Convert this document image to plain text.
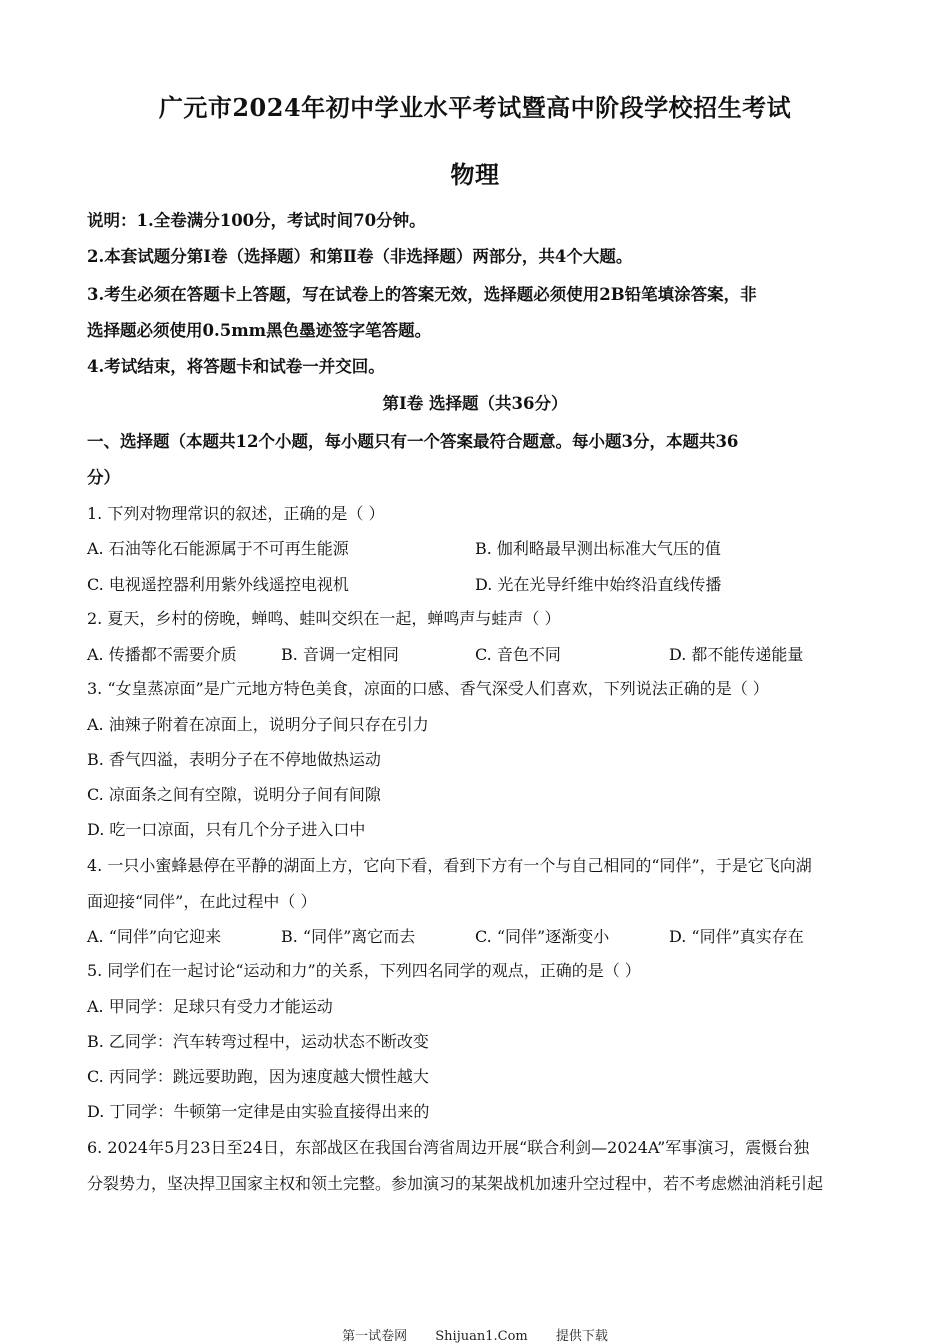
广元市2024年初中学业水平考试暨高中阶段学校招生考试
物理
说明：1.全卷满分100分，考试时间70分钟。
2.本套试题分第Ⅰ卷（选择题）和第Ⅱ卷（非选择题）两部分，共4个大题。
3.考生必须在答题卡上答题，写在试卷上的答案无效，选择题必须使用2B铅笔填涂答案，非
选择题必须使用0.5mm黑色墨迹签字笔答题。
4.考试结束，将答题卡和试卷一并交回。
第Ⅰ卷 选择题（共36分）
一、选择题（本题共12个小题，每小题只有一个答案最符合题意。每小题3分，本题共36
分）
1. 下列对物理常识的叙述，正确的是（ ）
A. 石油等化石能源属于不可再生能源	B. 伽利略最早测出标准大气压的值
C. 电视遥控器利用紫外线遥控电视机	D. 光在光导纤维中始终沿直线传播
2. 夏天，乡村的傍晚，蝉鸣、蛙叫交织在一起，蝉鸣声与蛙声（ ）
A. 传播都不需要介质	B. 音调一定相同	C. 音色不同	D. 都不能传递能量
3. “女皇蒸凉面”是广元地方特色美食，凉面的口感、香气深受人们喜欢，下列说法正确的是（ ）
A. 油辣子附着在凉面上，说明分子间只存在引力
B. 香气四溢，表明分子在不停地做热运动
C. 凉面条之间有空隙，说明分子间有间隙
D. 吃一口凉面，只有几个分子进入口中
4. 一只小蜜蜂悬停在平静的湖面上方，它向下看，看到下方有一个与自己相同的“同伴”，于是它飞向湖
面迎接“同伴”，在此过程中（ ）
A. “同伴”向它迎来	B. “同伴”离它而去	C. “同伴”逐渐变小	D. “同伴”真实存在
5. 同学们在一起讨论“运动和力”的关系，下列四名同学的观点，正确的是（ ）
A. 甲同学：足球只有受力才能运动
B. 乙同学：汽车转弯过程中，运动状态不断改变
C. 丙同学：跳远要助跑，因为速度越大惯性越大
D. 丁同学：牛顿第一定律是由实验直接得出来的
6. 2024年5月23日至24日，东部战区在我国台湾省周边开展“联合利剑—2024A”军事演习，震慑台独
分裂势力，坚决捍卫国家主权和领土完整。参加演习的某架战机加速升空过程中，若不考虑燃油消耗引起
第一试卷网 Shijuan1.Com 提供下载
